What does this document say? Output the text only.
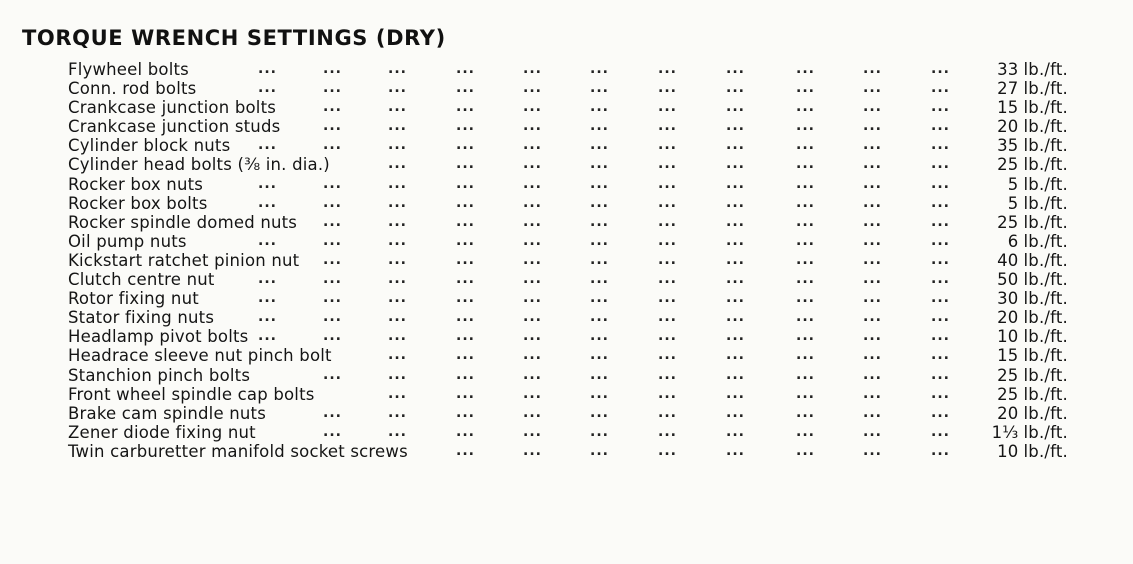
TORQUE WRENCH SETTINGS (DRY)
...	...	...	...	...	...	...	...	...	...	...
Flywheel bolts	33 lb./ft.
...	...	...	...	...	...	...	...	...	...	...
Conn. rod bolts	27 lb./ft.
...	...	...	...	...	...	...	...	...	...
Crankcase junction bolts	15 lb./ft.
...	...	...	...	...	...	...	...	...	...
Crankcase junction studs	20 lb./ft.
...	...	...	...	...	...	...	...	...	...	...
Cylinder block nuts	35 lb./ft.
...	...	...	...	...	...	...	...	...
Cylinder head bolts (⅜ in. dia.)	25 lb./ft.
...	...	...	...	...	...	...	...	...	...	...
Rocker box nuts	5 lb./ft.
...	...	...	...	...	...	...	...	...	...	...
Rocker box bolts	5 lb./ft.
...	...	...	...	...	...	...	...	...	...
Rocker spindle domed nuts	25 lb./ft.
...	...	...	...	...	...	...	...	...	...	...
Oil pump nuts	6 lb./ft.
...	...	...	...	...	...	...	...	...	...
Kickstart ratchet pinion nut	40 lb./ft.
...	...	...	...	...	...	...	...	...	...	...
Clutch centre nut	50 lb./ft.
...	...	...	...	...	...	...	...	...	...	...
Rotor fixing nut	30 lb./ft.
...	...	...	...	...	...	...	...	...	...	...
Stator fixing nuts	20 lb./ft.
...	...	...	...	...	...	...	...	...	...	...
Headlamp pivot bolts	10 lb./ft.
...	...	...	...	...	...	...	...	...
Headrace sleeve nut pinch bolt	15 lb./ft.
...	...	...	...	...	...	...	...	...	...
Stanchion pinch bolts	25 lb./ft.
...	...	...	...	...	...	...	...	...
Front wheel spindle cap bolts	25 lb./ft.
...	...	...	...	...	...	...	...	...	...
Brake cam spindle nuts	20 lb./ft.
...	...	...	...	...	...	...	...	...	...
Zener diode fixing nut	1⅓ lb./ft.
...	...	...	...	...	...	...	...
Twin carburetter manifold socket screws	10 lb./ft.
